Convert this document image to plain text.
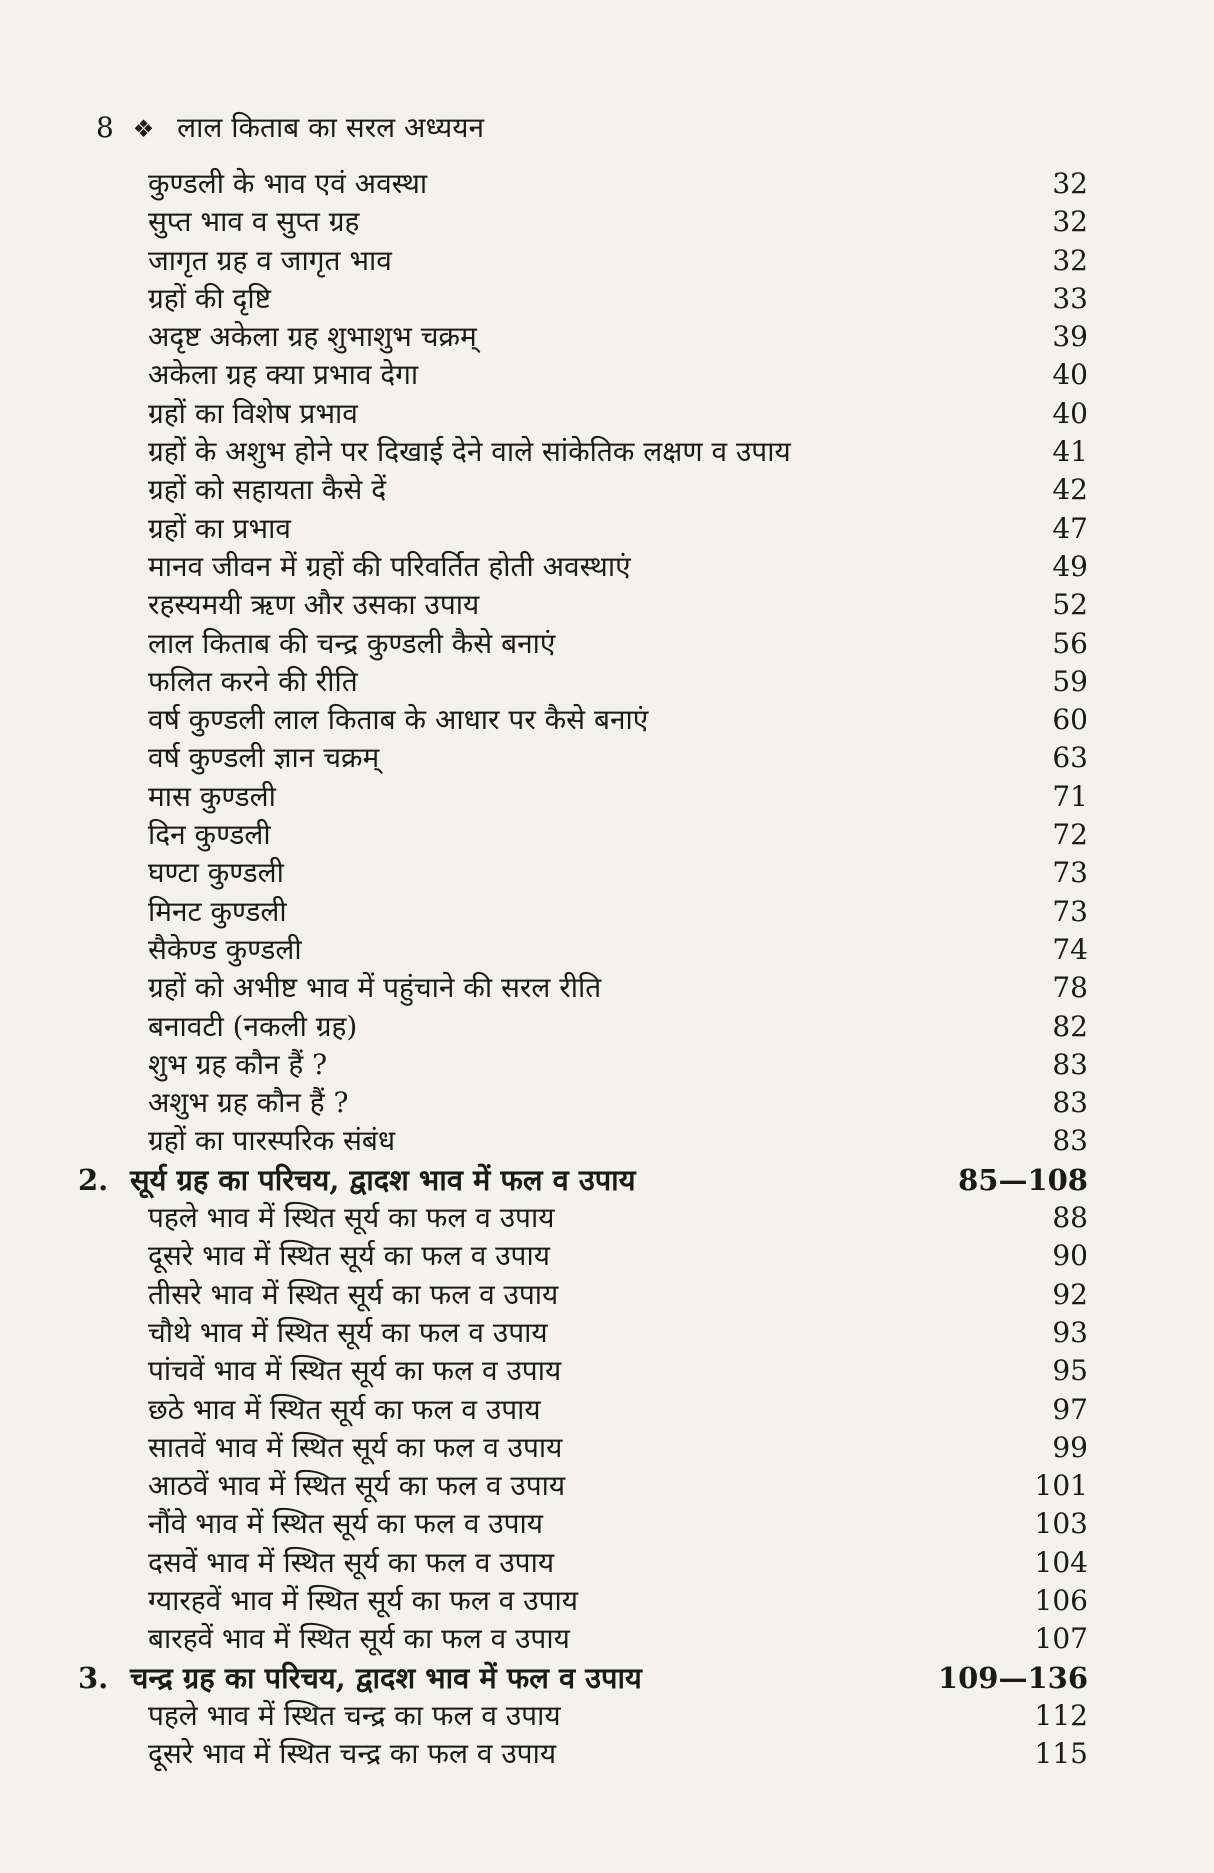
8 ❖ लाल किताब का सरल अध्ययन
कुण्डली के भाव एवं अवस्था	32
सुप्त भाव व सुप्त ग्रह	32
जागृत ग्रह व जागृत भाव	32
ग्रहों की दृष्टि	33
अदृष्ट अकेला ग्रह शुभाशुभ चक्रम्	39
अकेला ग्रह क्या प्रभाव देगा	40
ग्रहों का विशेष प्रभाव	40
ग्रहों के अशुभ होने पर दिखाई देने वाले सांकेतिक लक्षण व उपाय	41
ग्रहों को सहायता कैसे दें	42
ग्रहों का प्रभाव	47
मानव जीवन में ग्रहों की परिवर्तित होती अवस्थाएं	49
रहस्यमयी ऋण और उसका उपाय	52
लाल किताब की चन्द्र कुण्डली कैसे बनाएं	56
फलित करने की रीति	59
वर्ष कुण्डली लाल किताब के आधार पर कैसे बनाएं	60
वर्ष कुण्डली ज्ञान चक्रम्	63
मास कुण्डली	71
दिन कुण्डली	72
घण्टा कुण्डली	73
मिनट कुण्डली	73
सैकेण्ड कुण्डली	74
ग्रहों को अभीष्ट भाव में पहुंचाने की सरल रीति	78
बनावटी (नकली ग्रह)	82
शुभ ग्रह कौन हैं ?	83
अशुभ ग्रह कौन हैं ?	83
ग्रहों का पारस्परिक संबंध	83
2. सूर्य ग्रह का परिचय, द्वादश भाव में फल व उपाय	85—108
पहले भाव में स्थित सूर्य का फल व उपाय	88
दूसरे भाव में स्थित सूर्य का फल व उपाय	90
तीसरे भाव में स्थित सूर्य का फल व उपाय	92
चौथे भाव में स्थित सूर्य का फल व उपाय	93
पांचवें भाव में स्थित सूर्य का फल व उपाय	95
छठे भाव में स्थित सूर्य का फल व उपाय	97
सातवें भाव में स्थित सूर्य का फल व उपाय	99
आठवें भाव में स्थित सूर्य का फल व उपाय	101
नौंवे भाव में स्थित सूर्य का फल व उपाय	103
दसवें भाव में स्थित सूर्य का फल व उपाय	104
ग्यारहवें भाव में स्थित सूर्य का फल व उपाय	106
बारहवें भाव में स्थित सूर्य का फल व उपाय	107
3. चन्द्र ग्रह का परिचय, द्वादश भाव में फल व उपाय	109—136
पहले भाव में स्थित चन्द्र का फल व उपाय	112
दूसरे भाव में स्थित चन्द्र का फल व उपाय	115
